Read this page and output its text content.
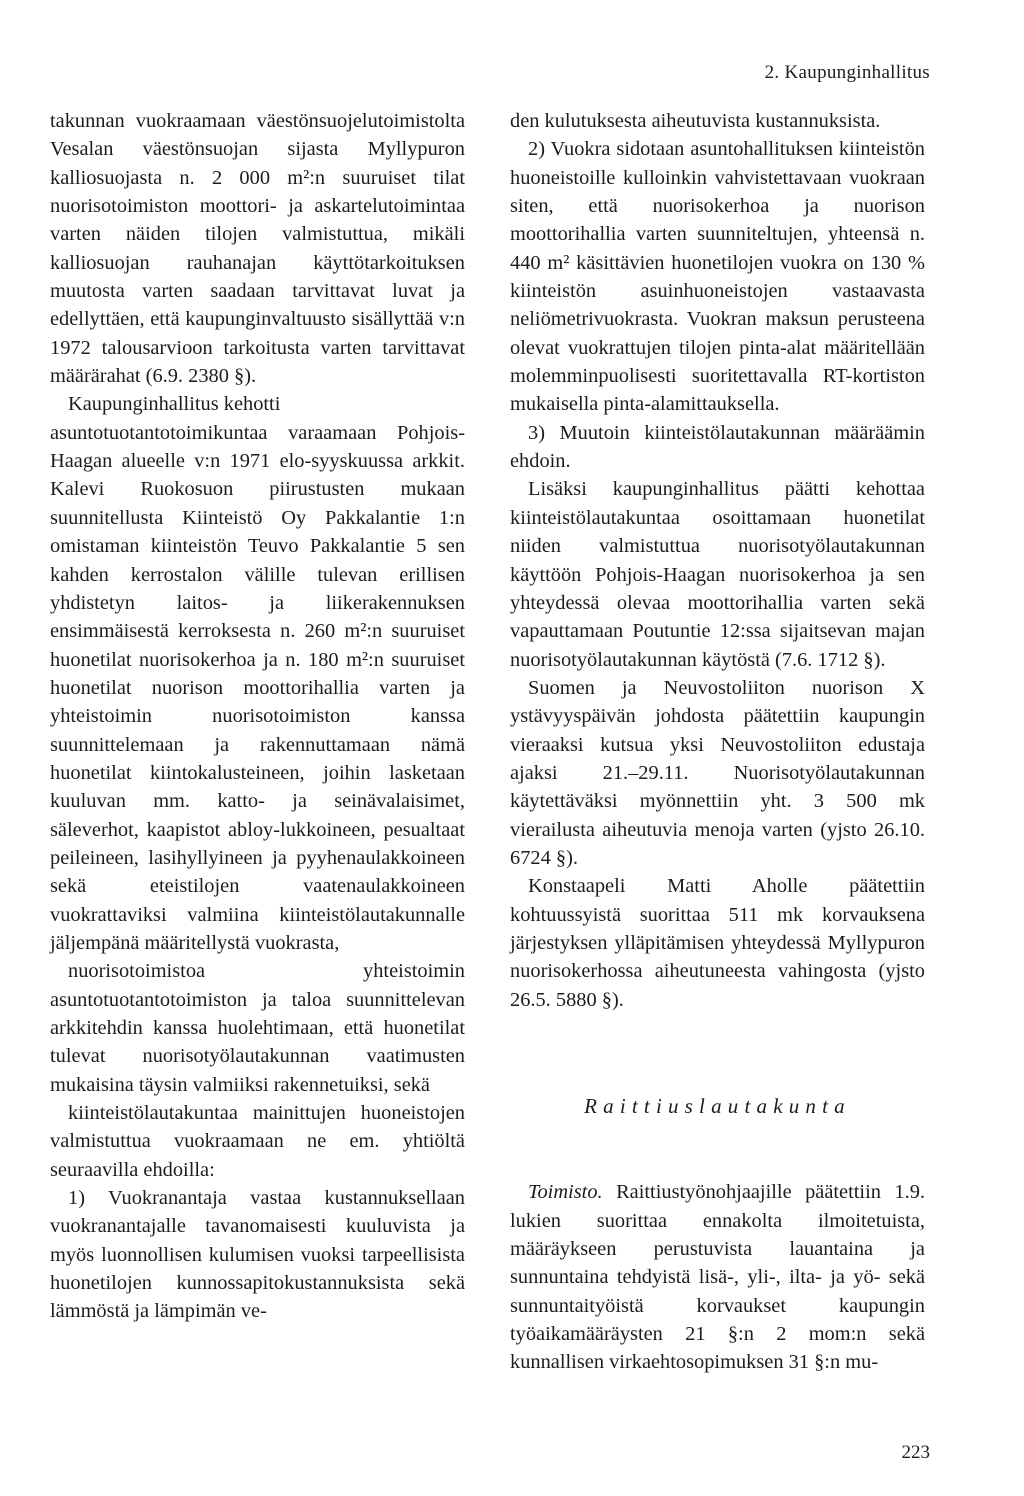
2. Kaupunginhallitus

takunnan vuokraamaan väestönsuojelutoimistolta Vesalan väestönsuojan sijasta Myllypuron kalliosuojasta n. 2 000 m²:n suuruiset tilat nuorisotoimiston moottori- ja askartelutoimintaa varten näiden tilojen valmistuttua, mikäli kalliosuojan rauhanajan käyttötarkoituksen muutosta varten saadaan tarvittavat luvat ja edellyttäen, että kaupunginvaltuusto sisällyttää v:n 1972 talousarvioon tarkoitusta varten tarvittavat määrärahat (6.9. 2380 §).

Kaupunginhallitus kehotti

asuntotuotantotoimikuntaa varaamaan Pohjois-Haagan alueelle v:n 1971 elo-syyskuussa arkkit. Kalevi Ruokosuon piirustusten mukaan suunnitellusta Kiinteistö Oy Pakkalantie 1:n omistaman kiinteistön Teuvo Pakkalantie 5 sen kahden kerrostalon välille tulevan erillisen yhdistetyn laitos- ja liikerakennuksen ensimmäisestä kerroksesta n. 260 m²:n suuruiset huonetilat nuorisokerhoa ja n. 180 m²:n suuruiset huonetilat nuorison moottorihallia varten ja yhteistoimin nuorisotoimiston kanssa suunnittelemaan ja rakennuttamaan nämä huonetilat kiintokalusteineen, joihin lasketaan kuuluvan mm. katto- ja seinävalaisimet, säleverhot, kaapistot abloy-lukkoineen, pesualtaat peileineen, lasihyllyineen ja pyyhenaulakkoineen sekä eteistilojen vaatenaulakkoineen vuokrattaviksi valmiina kiinteistölautakunnalle jäljempänä määritellystä vuokrasta,

nuorisotoimistoa yhteistoimin asuntotuotantotoimiston ja taloa suunnittelevan arkkitehdin kanssa huolehtimaan, että huonetilat tulevat nuorisotyölautakunnan vaatimusten mukaisina täysin valmiiksi rakennetuiksi, sekä

kiinteistölautakuntaa mainittujen huoneistojen valmistuttua vuokraamaan ne em. yhtiöltä seuraavilla ehdoilla:

1) Vuokranantaja vastaa kustannuksellaan vuokranantajalle tavanomaisesti kuuluvista ja myös luonnollisen kulumisen vuoksi tarpeellisista huonetilojen kunnossapitokustannuksista sekä lämmöstä ja lämpimän ve-

den kulutuksesta aiheutuvista kustannuksista.

2) Vuokra sidotaan asuntohallituksen kiinteistön huoneistoille kulloinkin vahvistettavaan vuokraan siten, että nuorisokerhoa ja nuorison moottorihallia varten suunniteltujen, yhteensä n. 440 m² käsittävien huonetilojen vuokra on 130 % kiinteistön asuinhuoneistojen vastaavasta neliömetrivuokrasta. Vuokran maksun perusteena olevat vuokrattujen tilojen pinta-alat määritellään molemminpuolisesti suoritettavalla RT-kortiston mukaisella pinta-alamittauksella.

3) Muutoin kiinteistölautakunnan määräämin ehdoin.

Lisäksi kaupunginhallitus päätti kehottaa kiinteistölautakuntaa osoittamaan huonetilat niiden valmistuttua nuorisotyölautakunnan käyttöön Pohjois-Haagan nuorisokerhoa ja sen yhteydessä olevaa moottorihallia varten sekä vapauttamaan Poutuntie 12:ssa sijaitsevan majan nuorisotyölautakunnan käytöstä (7.6. 1712 §).

Suomen ja Neuvostoliiton nuorison X ystävyyspäivän johdosta päätettiin kaupungin vieraaksi kutsua yksi Neuvostoliiton edustaja ajaksi 21.–29.11. Nuorisotyölautakunnan käytettäväksi myönnettiin yht. 3 500 mk vierailusta aiheutuvia menoja varten (yjsto 26.10. 6724 §).

Konstaapeli Matti Aholle päätettiin kohtuussyistä suorittaa 511 mk korvauksena järjestyksen ylläpitämisen yhteydessä Myllypuron nuorisokerhossa aiheutuneesta vahingosta (yjsto 26.5. 5880 §).

Raittiuslautakunta

Toimisto. Raittiustyönohjaajille päätettiin 1.9. lukien suorittaa ennakolta ilmoitetuista, määräykseen perustuvista lauantaina ja sunnuntaina tehdyistä lisä-, yli-, ilta- ja yö- sekä sunnuntaityöistä korvaukset kaupungin työaikamääräysten 21 §:n 2 mom:n sekä kunnallisen virkaehtosopimuksen 31 §:n mu-

223
